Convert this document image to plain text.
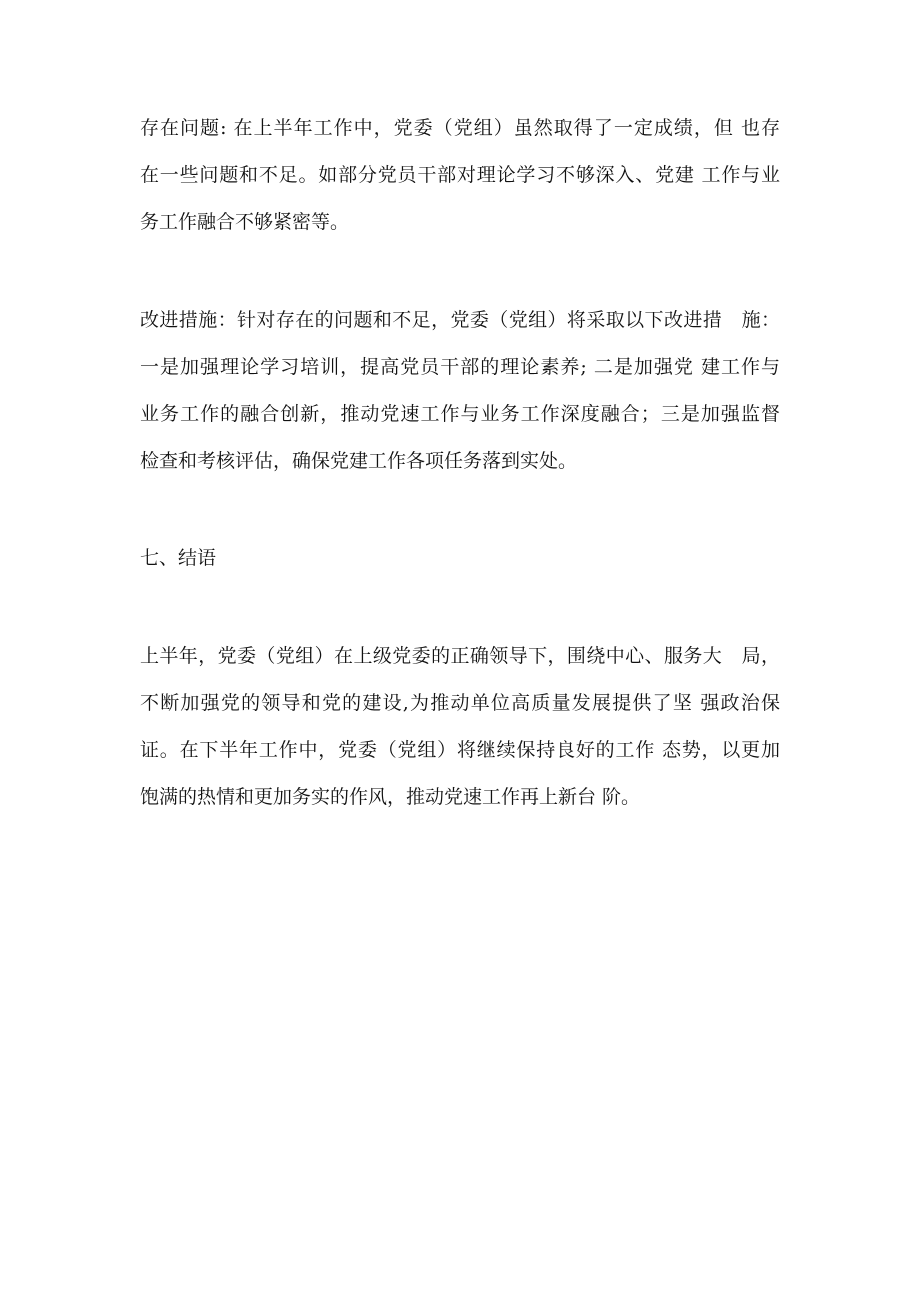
存在问题: 在上半年工作中，党委（党组）虽然取得了一定成绩，但 也存
在一些问题和不足。如部分党员干部对理论学习不够深入、党建 工作与业
务工作融合不够紧密等。
改进措施：针对存在的问题和不足，党委（党组）将采取以下改进措　施：
一是加强理论学习培训，提高党员干部的理论素养; 二是加强党 建工作与
业务工作的融合创新，推动党速工作与业务工作深度融合；三是加强监督
检查和考核评估，确保党建工作各项任务落到实处。
七、结语
上半年，党委（党组）在上级党委的正确领导下，围绕中心、服务大　局，
不断加强党的领导和党的建设,为推动单位高质量发展提供了坚 强政治保
证。在下半年工作中，党委（党组）将继续保持良好的工作 态势，以更加
饱满的热情和更加务实的作风，推动党速工作再上新台 阶。
